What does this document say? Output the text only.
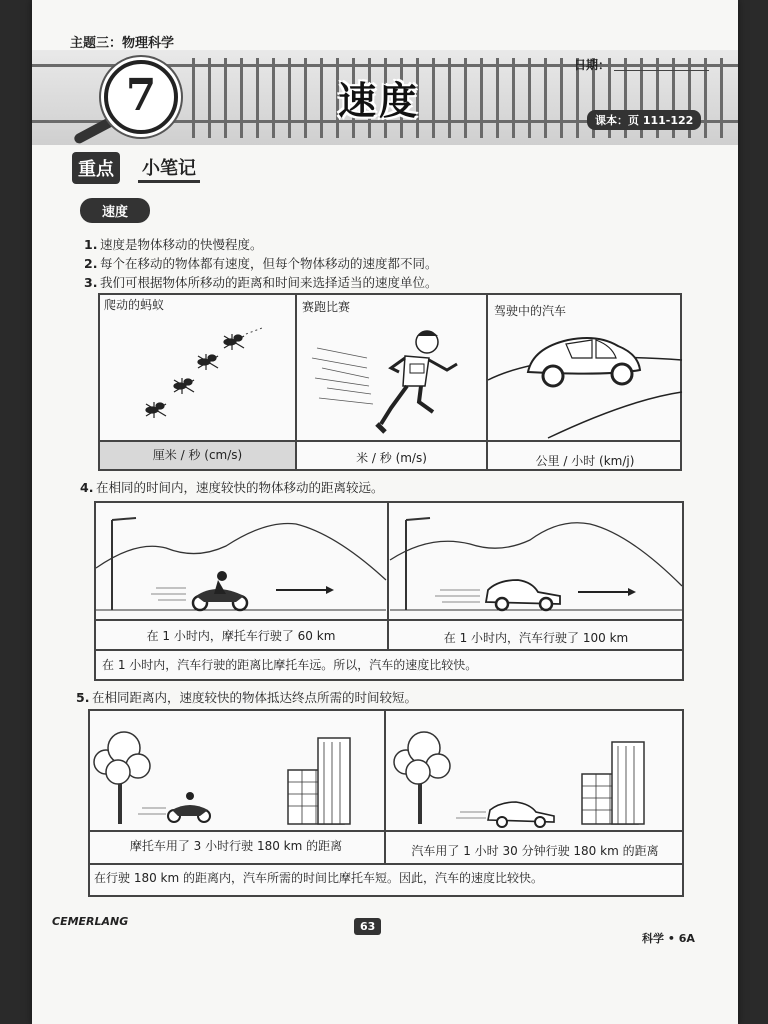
主题三：物理科学
7	速度
日期：
课本：页 111-122
重点	小笔记
速度
1. 速度是物体移动的快慢程度。
2. 每个在移动的物体都有速度，但每个物体移动的速度都不同。
3. 我们可根据物体所移动的距离和时间来选择适当的速度单位。
爬动的蚂蚁	赛跑比赛	驾驶中的汽车
厘米 / 秒 (cm/s)	米 / 秒 (m/s)	公里 / 小时 (km/j)
4. 在相同的时间内，速度较快的物体移动的距离较远。
在 1 小时内，摩托车行驶了 60 km	在 1 小时内，汽车行驶了 100 km
在 1 小时内，汽车行驶的距离比摩托车远。所以，汽车的速度比较快。
5. 在相同距离内，速度较快的物体抵达终点所需的时间较短。
摩托车用了 3 小时行驶 180 km 的距离	汽车用了 1 小时 30 分钟行驶 180 km 的距离
在行驶 180 km 的距离内，汽车所需的时间比摩托车短。因此，汽车的速度比较快。
CEMERLANG	63
科学 • 6A
